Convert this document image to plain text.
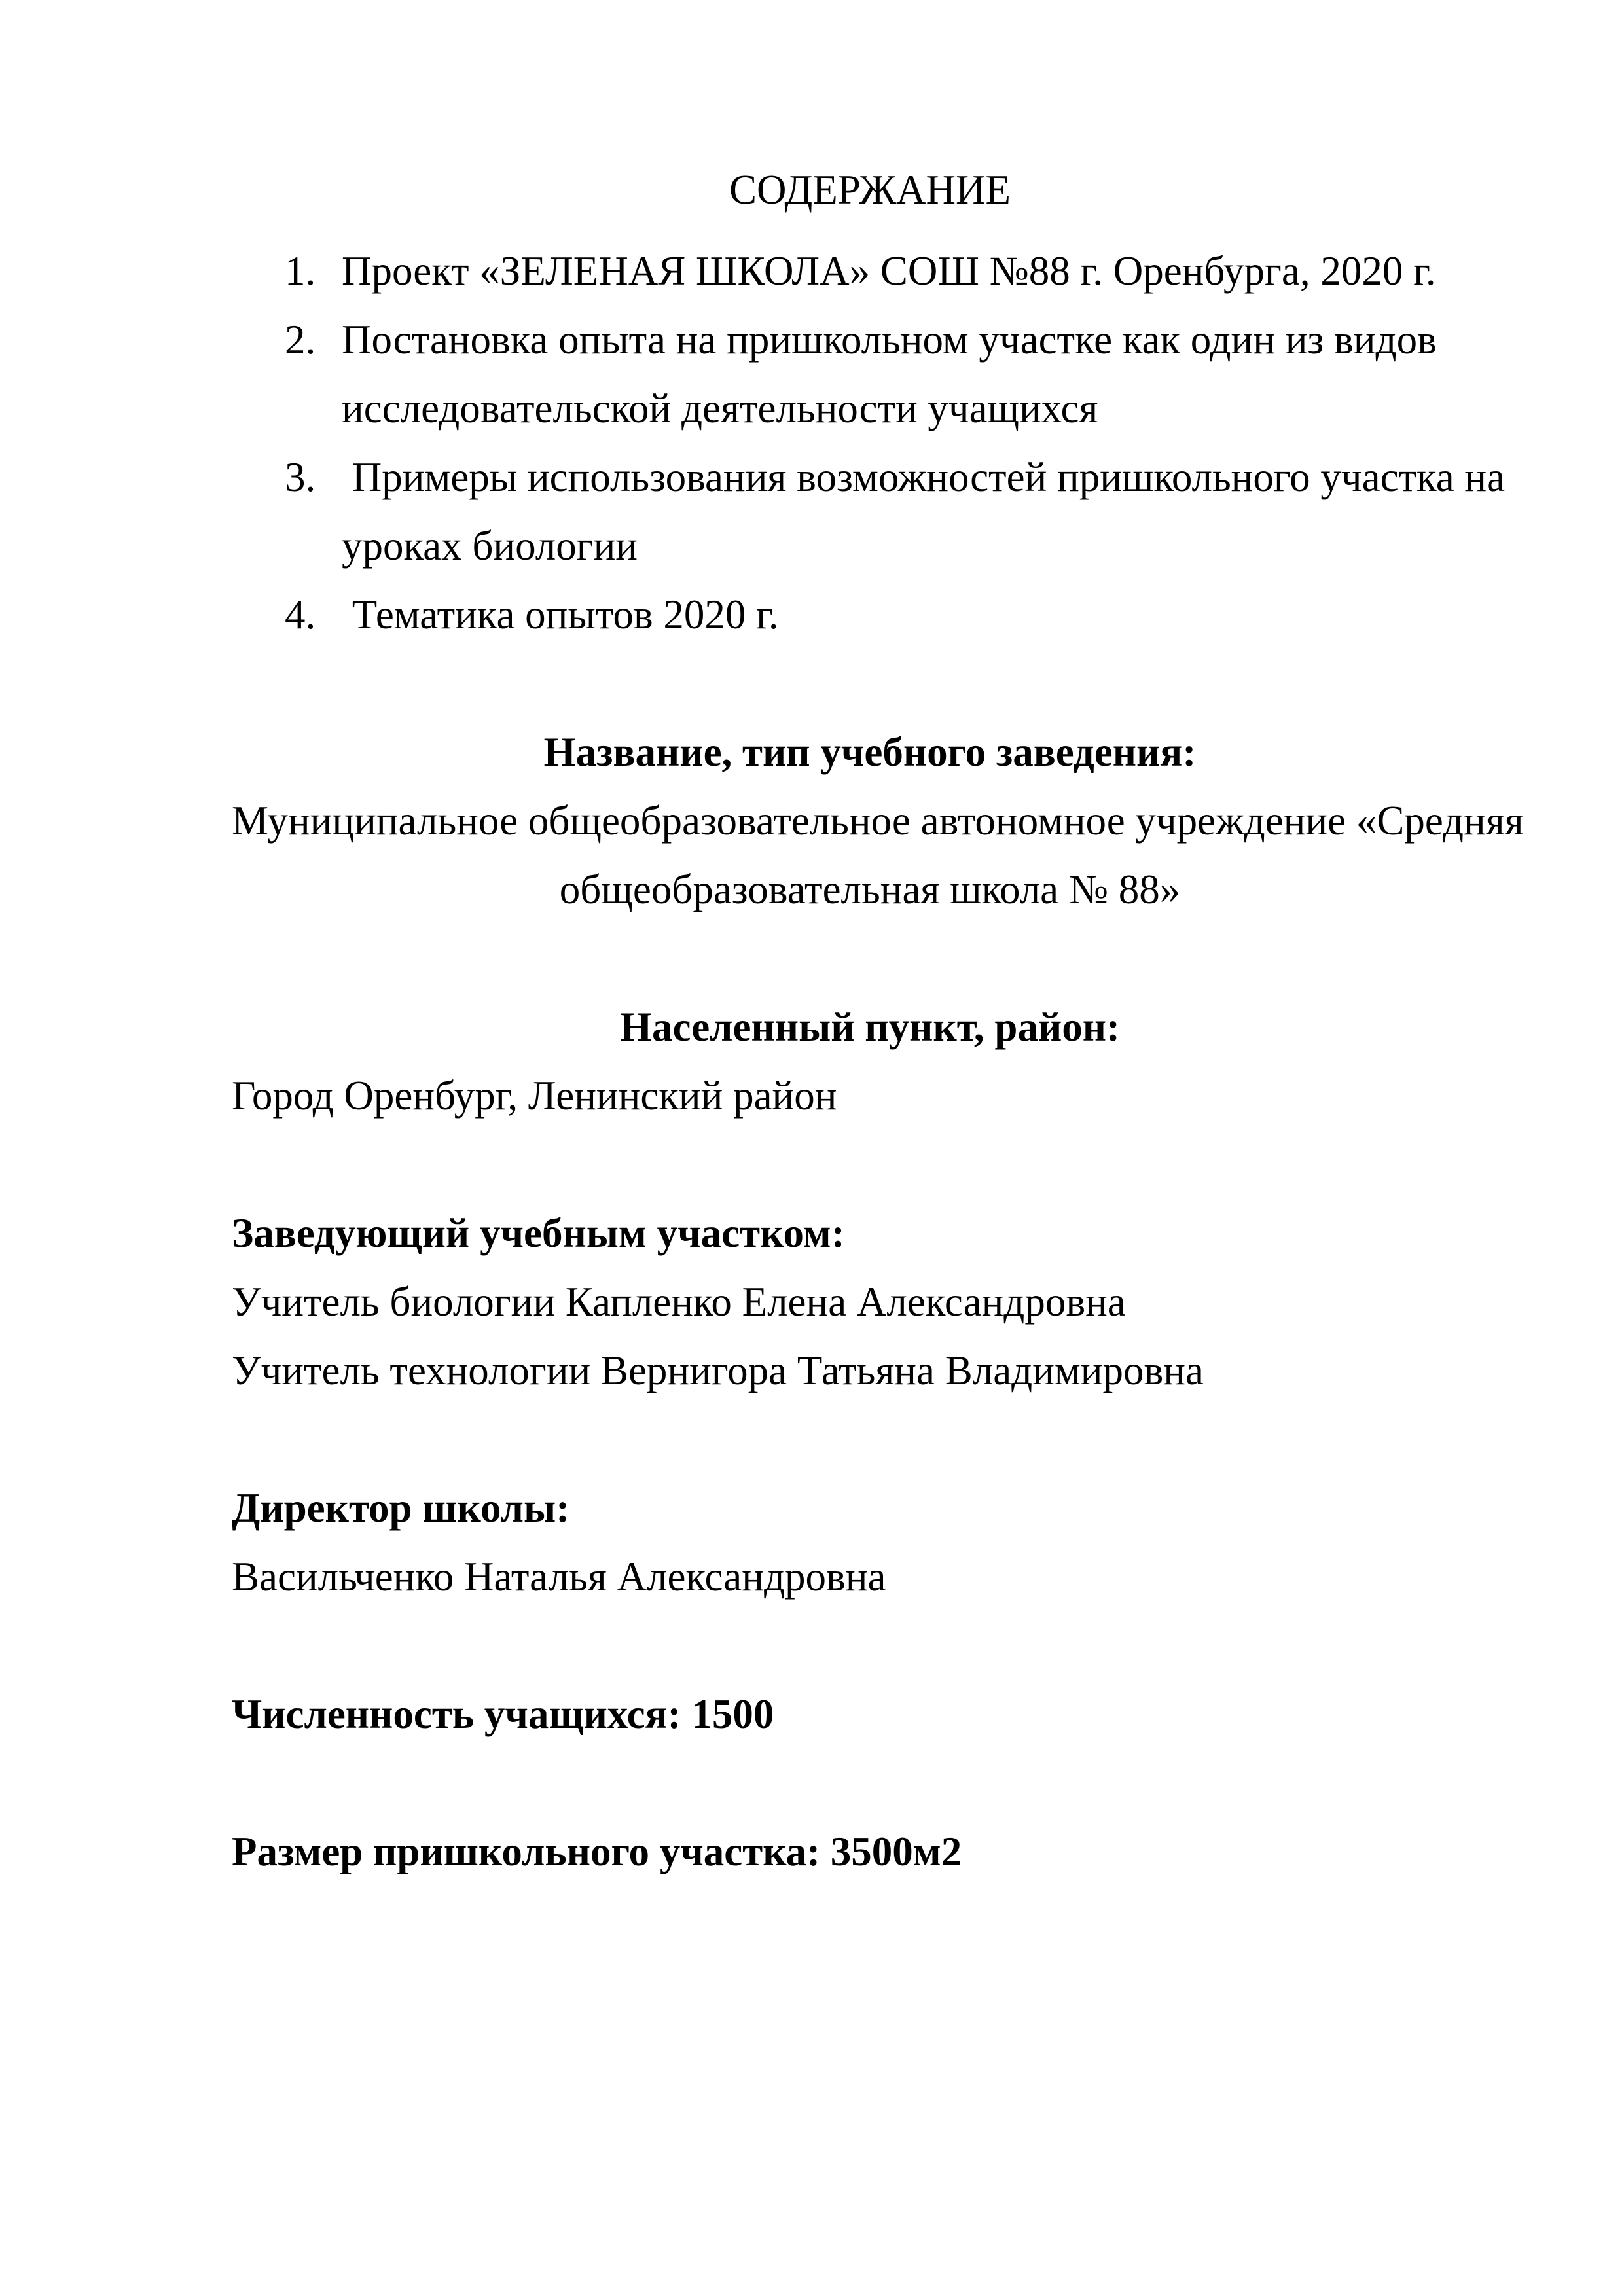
СОДЕРЖАНИЕ
1. Проект «ЗЕЛЕНАЯ ШКОЛА» СОШ №88 г. Оренбурга, 2020 г.
2. Постановка опыта на пришкольном участке как один из видов
исследовательской деятельности учащихся
3. Примеры использования возможностей пришкольного участка на
уроках биологии
4. Тематика опытов 2020 г.
Название, тип учебного заведения:
Муниципальное общеобразовательное автономное учреждение «Средняя
общеобразовательная школа № 88»
Населенный пункт, район:
Город Оренбург, Ленинский район
Заведующий учебным участком:
Учитель биологии Капленко Елена Александровна
Учитель технологии Вернигора Татьяна Владимировна
Директор школы:
Васильченко Наталья Александровна
Численность учащихся: 1500
Размер пришкольного участка: 3500м2
